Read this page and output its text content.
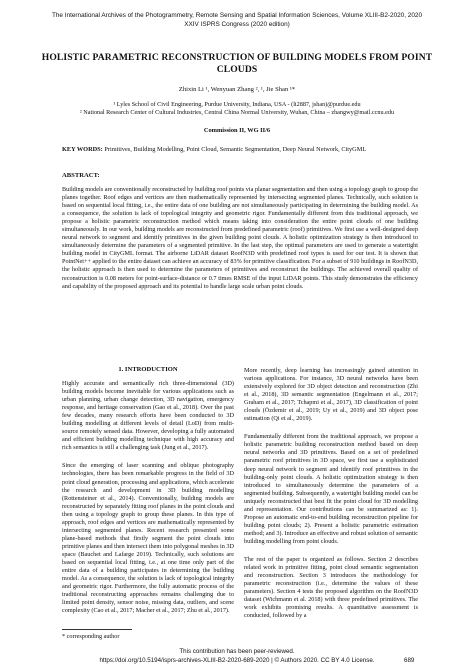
The International Archives of the Photogrammetry, Remote Sensing and Spatial Information Sciences, Volume XLIII-B2-2020, 2020
XXIV ISPRS Congress (2020 edition)
HOLISTIC PARAMETRIC RECONSTRUCTION OF BUILDING MODELS FROM POINT CLOUDS
Zhixin Li ¹, Wenyuan Zhang ², ¹, Jie Shan ¹*
¹ Lyles School of Civil Engineering, Purdue University, Indiana, USA - (li2887, jshan)@purdue.edu
² National Research Center of Cultural Industries, Central China Normal University, Wuhan, China – zhangwy@mail.ccnu.edu
Commission II, WG II/6
KEY WORDS: Primitives, Building Modelling, Point Cloud, Semantic Segmentation, Deep Neural Network, CityGML
ABSTRACT:
Building models are conventionally reconstructed by building roof points via planar segmentation and then using a topology graph to group the planes together. Roof edges and vertices are then mathematically represented by intersecting segmented planes. Technically, such solution is based on sequential local fitting, i.e., the entire data of one building are not simultaneously participating in determining the building model. As a consequence, the solution is lack of topological integrity and geometric rigor. Fundamentally different from this traditional approach, we propose a holistic parametric reconstruction method which means taking into consideration the entire point clouds of one building simultaneously. In our work, building models are reconstructed from predefined parametric (roof) primitives. We first use a well-designed deep neural network to segment and identify primitives in the given building point clouds. A holistic optimization strategy is then introduced to simultaneously determine the parameters of a segmented primitive. In the last step, the optimal parameters are used to generate a watertight building model in CityGML format. The airborne LiDAR dataset RoofN3D with predefined roof types is used for our test. It is shown that PointNet++ applied to the entire dataset can achieve an accuracy of 83% for primitive classification. For a subset of 910 buildings in RoofN3D, the holistic approach is then used to determine the parameters of primitives and reconstruct the buildings. The achieved overall quality of reconstruction is 0.08 meters for point-surface-distance or 0.7 times RMSE of the input LiDAR points. This study demonstrates the efficiency and capability of the proposed approach and its potential to handle large scale urban point clouds.
1. INTRODUCTION

Highly accurate and semantically rich three-dimensional (3D) building models become inevitable for various applications such as urban planning, urban change detection, 3D navigation, emergency response, and heritage conservation (Gao et al., 2018). Over the past few decades, many research efforts have been conducted to 3D building modelling at different levels of detail (LoD) from multi-source remotely sensed data. However, developing a fully automated and efficient building modelling technique with high accuracy and rich semantics is still a challenging task (Jung et al., 2017).

Since the emerging of laser scanning and oblique photography technologies, there has been remarkable progress in the field of 3D point cloud generation, processing and applications, which accelerate the research and development in 3D building modelling (Rottensteiner et al., 2014). Conventionally, building models are reconstructed by separately fitting roof planes in the point clouds and then using a topology graph to group these planes. In this type of approach, roof edges and vertices are mathematically represented by intersecting segmented planes. Recent research presented some plane-based methods that firstly segment the point clouds into primitive planes and then intersect them into polygonal meshes in 3D space (Bauchet and Lafarge 2019). Technically, such solutions are based on sequential local fitting, i.e., at one time only part of the entire data of a building participates in determining the building model. As a consequence, the solution is lack of topological integrity and geometric rigor. Furthermore, the fully automatic process of the traditional reconstructing approaches remains challenging due to limited point density, sensor noise, missing data, outliers, and scene complexity (Cao et al., 2017; Macher et al., 2017; Zhu et al., 2017).

More recently, deep learning has increasingly gained attention in various applications. For instance, 3D neural networks have been extensively explored for 3D object detection and reconstruction (Zhi et al., 2018), 3D semantic segmentation (Engelmann et al., 2017; Graham et al., 2017; Tchapmi et al., 2017), 3D classification of point clouds (Özdemir et al., 2019; Uy et al., 2019) and 3D object pose estimation (Qi et al., 2019).

Fundamentally different from the traditional approach, we propose a holistic parametric building reconstruction method based on deep neural networks and 3D primitives. Based on a set of predefined parametric roof primitives in 3D space, we first use a sophisticated deep neural network to segment and identify roof primitives in the building-only point clouds. A holistic optimization strategy is then introduced to simultaneously determine the parameters of a segmented building. Subsequently, a watertight building model can be uniquely reconstructed that best fit the point cloud for 3D modelling and representation. Our contributions can be summarized as: 1). Propose an automatic end-to-end building reconstruction pipeline for building point clouds; 2). Present a holistic parametric estimation method; and 3). Introduce an effective and robust solution of semantic building modelling from point clouds.

The rest of the paper is organized as follows. Section 2 describes related work in primitive fitting, point cloud semantic segmentation and reconstruction. Section 3 introduces the methodology for parametric reconstruction (i.e., determine the values of these parameters). Section 4 tests the proposed algorithm on the RoofN3D dataset (Wichmann et al. 2018) with three predefined primitives. The work exhibits promising results. A quantitative assessment is conducted, followed by a

* corresponding author
This contribution has been peer-reviewed.
https://doi.org/10.5194/isprs-archives-XLIII-B2-2020-689-2020 | © Authors 2020. CC BY 4.0 License.	689
